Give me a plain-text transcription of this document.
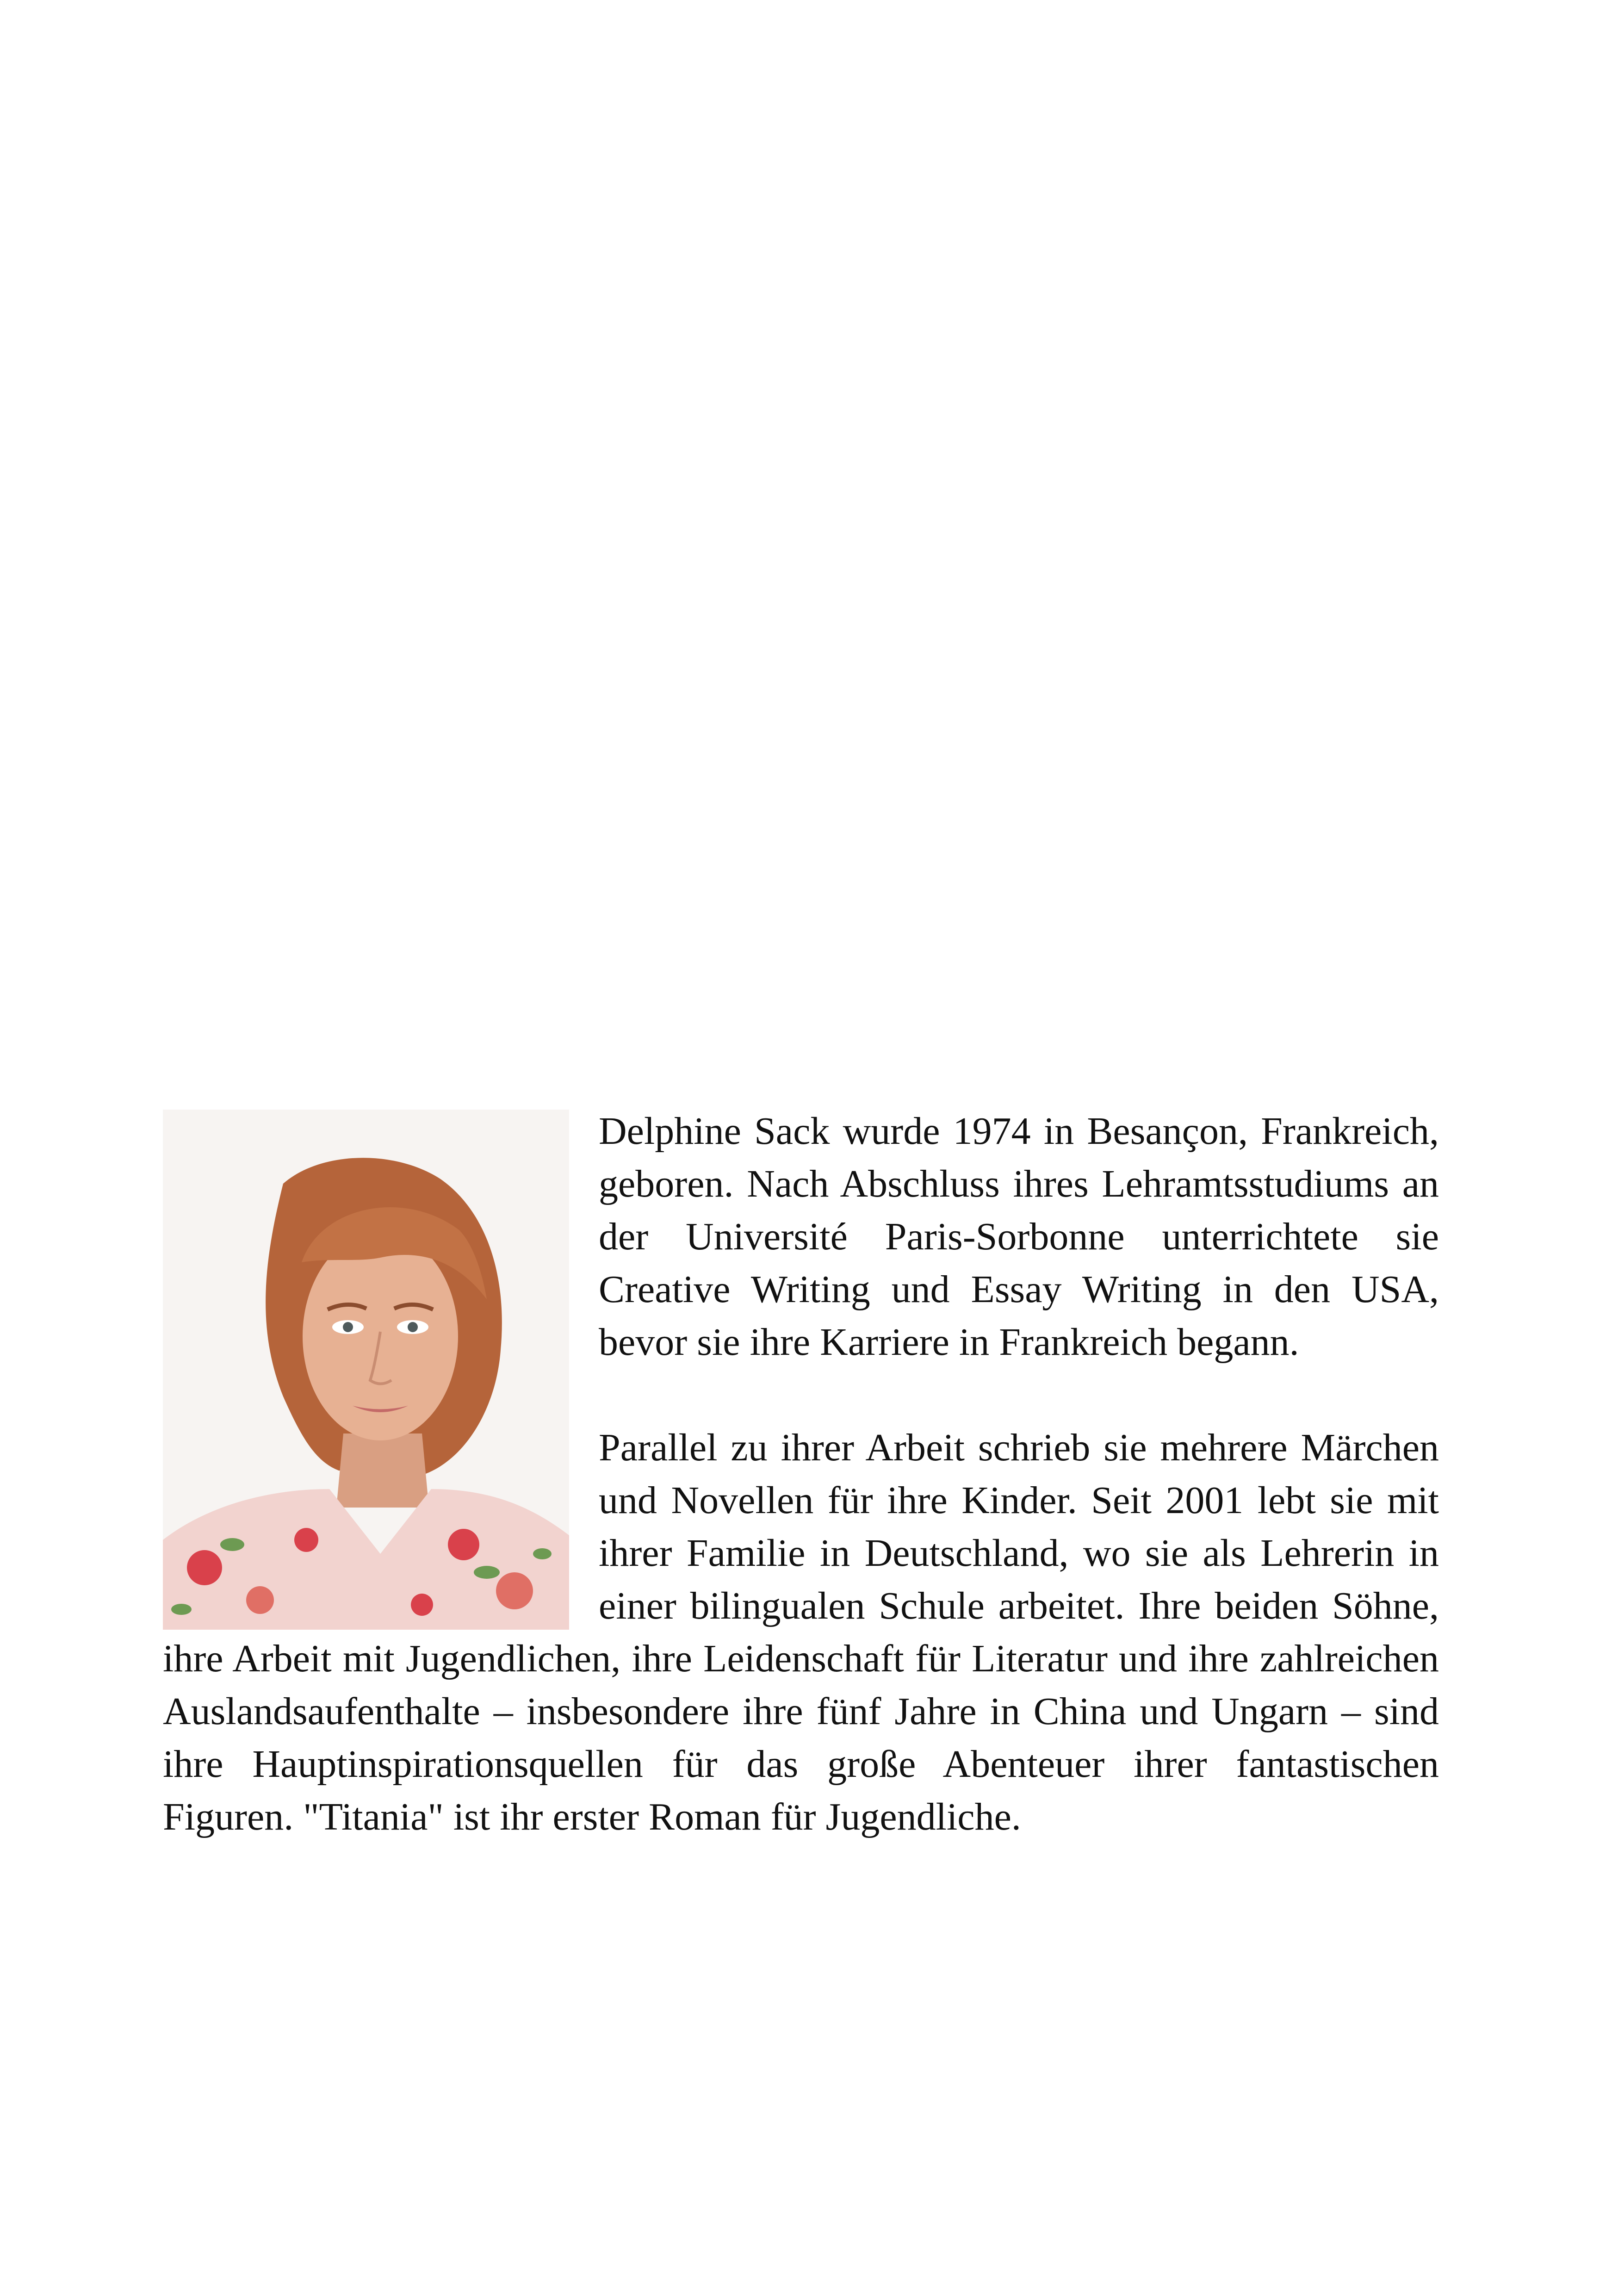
Delphine Sack wurde 1974 in Besançon, Frankreich, geboren. Nach Abschluss ihres Lehramtsstudiums an der Université Paris-Sorbonne unterrichtete sie Creative Writing und Essay Writing in den USA, bevor sie ihre Karriere in Frankreich begann.

Parallel zu ihrer Arbeit schrieb sie mehrere Märchen und Novellen für ihre Kinder. Seit 2001 lebt sie mit ihrer Familie in Deutschland, wo sie als Lehrerin in einer bilingualen Schule arbeitet. Ihre beiden Söhne, ihre Arbeit mit Jugendlichen, ihre Leidenschaft für Literatur und ihre zahlreichen Auslandsaufenthalte – insbesondere ihre fünf Jahre in China und Ungarn – sind ihre Hauptinspirationsquellen für das große Abenteuer ihrer fantastischen Figuren. "Titania" ist ihr erster Roman für Jugendliche.
